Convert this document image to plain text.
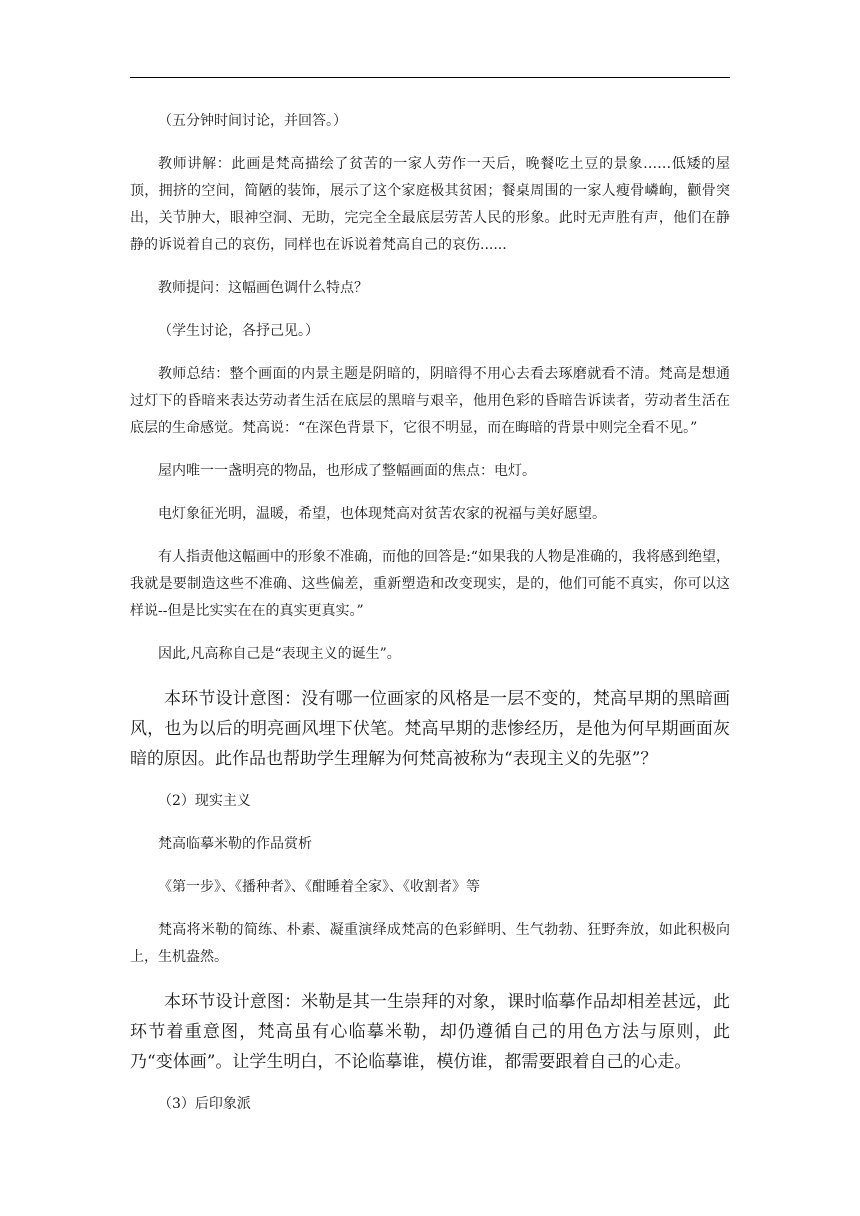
（五分钟时间讨论，并回答。）

教师讲解：此画是梵高描绘了贫苦的一家人劳作一天后，晚餐吃土豆的景象……低矮的屋顶，拥挤的空间，简陋的装饰，展示了这个家庭极其贫困；餐桌周围的一家人瘦骨嶙峋，颧骨突出，关节肿大，眼神空洞、无助，完完全全最底层劳苦人民的形象。此时无声胜有声，他们在静静的诉说着自己的哀伤，同样也在诉说着梵高自己的哀伤......

教师提问：这幅画色调什么特点？

（学生讨论，各抒己见。）

教师总结：整个画面的内景主题是阴暗的，阴暗得不用心去看去琢磨就看不清。梵高是想通过灯下的昏暗来表达劳动者生活在底层的黑暗与艰辛，他用色彩的昏暗告诉读者，劳动者生活在底层的生命感觉。梵高说：“在深色背景下，它很不明显，而在晦暗的背景中则完全看不见。”

屋内唯一一盏明亮的物品，也形成了整幅画面的焦点：电灯。

电灯象征光明，温暖，希望，也体现梵高对贫苦农家的祝福与美好愿望。

有人指责他这幅画中的形象不准确，而他的回答是:“如果我的人物是准确的，我将感到绝望，我就是要制造这些不准确、这些偏差，重新塑造和改变现实，是的，他们可能不真实，你可以这样说--但是比实实在在的真实更真实。”

因此,凡高称自己是“表现主义的诞生”。

本环节设计意图：没有哪一位画家的风格是一层不变的，梵高早期的黑暗画风，也为以后的明亮画风埋下伏笔。梵高早期的悲惨经历，是他为何早期画面灰暗的原因。此作品也帮助学生理解为何梵高被称为“表现主义的先驱”？

（2）现实主义

梵高临摹米勒的作品赏析

《第一步》、《播种者》、《酣睡着全家》、《收割者》等

梵高将米勒的简练、朴素、凝重演绎成梵高的色彩鲜明、生气勃勃、狂野奔放，如此积极向上，生机盎然。

本环节设计意图：米勒是其一生崇拜的对象，课时临摹作品却相差甚远，此环节着重意图，梵高虽有心临摹米勒，却仍遵循自己的用色方法与原则，此乃“变体画”。让学生明白，不论临摹谁，模仿谁，都需要跟着自己的心走。

（3）后印象派
